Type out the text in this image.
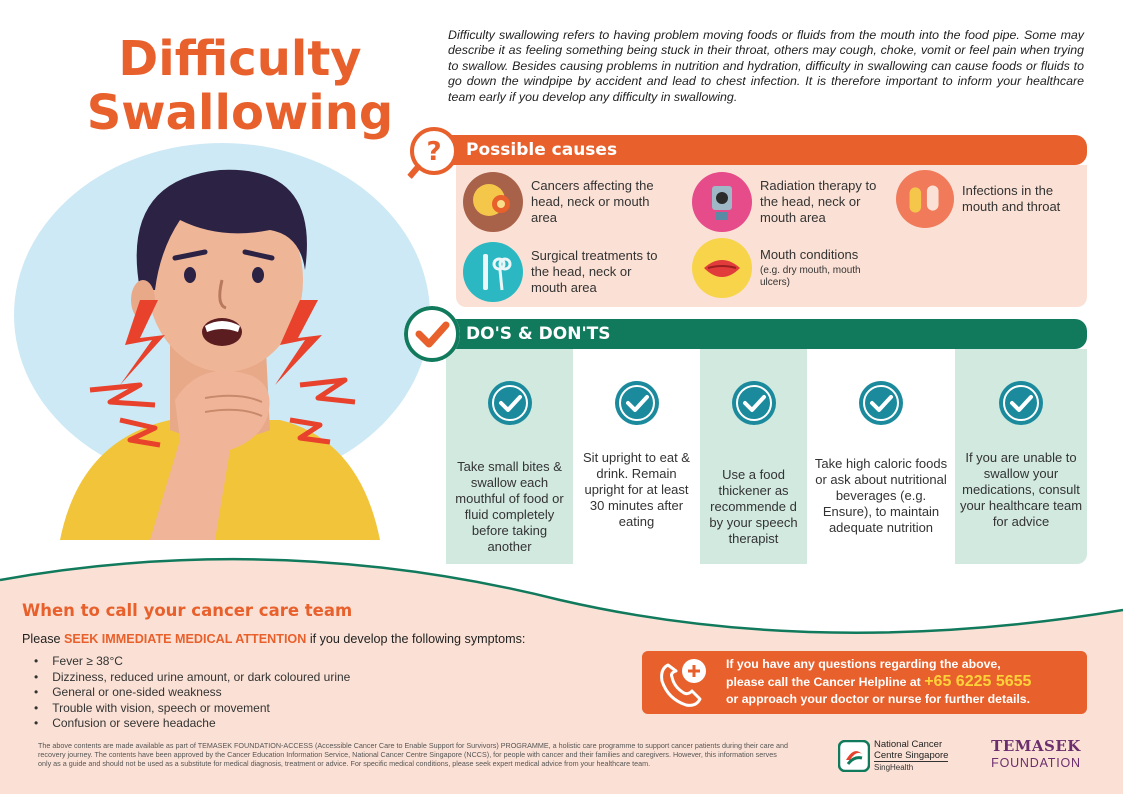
Difficulty
Swallowing
Difficulty swallowing refers to having problem moving foods or fluids from the mouth into the food pipe. Some may describe it as feeling something being stuck in their throat, others may cough, choke, vomit or feel pain when trying to swallow. Besides causing problems in nutrition and hydration, difficulty in swallowing can cause foods or fluids to go down the windpipe by accident and lead to chest infection. It is therefore important to inform your healthcare team early if you develop any difficulty in swallowing.
Possible causes
?
Cancers affecting the head, neck or mouth area
Radiation therapy to the head, neck or mouth area
Infections in the mouth and throat
Surgical treatments to the head, neck or mouth area
Mouth conditions
(e.g. dry mouth, mouth ulcers)
Take small bites & swallow each mouthful of food or fluid completely before taking another
Sit upright to eat & drink. Remain upright for at least 30 minutes after eating
Use a food thickener as recommende d by your speech therapist
Take high caloric foods or ask about nutritional beverages (e.g. Ensure), to maintain adequate nutrition
If you are unable to swallow your medications, consult your healthcare team for advice
DO'S & DON'TS
When to call your cancer care team
Please SEEK IMMEDIATE MEDICAL ATTENTION if you develop the following symptoms:
• Fever ≥ 38°C
• Dizziness, reduced urine amount, or dark coloured urine
• General or one-sided weakness
• Trouble with vision, speech or movement
• Confusion or severe headache
If you have any questions regarding the above,
please call the Cancer Helpline at +65 6225 5655
or approach your doctor or nurse for further details.
The above contents are made available as part of TEMASEK FOUNDATION-ACCESS (Accessible Cancer Care to Enable Support for Survivors) PROGRAMME, a holistic care programme to support cancer patients during their care and recovery journey. The contents have been approved by the Cancer Education Information Service, National Cancer Centre Singapore (NCCS), for people with cancer and their families and caregivers. However, this information serves only as a guide and should not be used as a substitute for medical diagnosis, treatment or advice. For specific medical conditions, please seek expert medical advice from your healthcare team.
National Cancer
Centre Singapore
SingHealth
TEMASEK
FOUNDATION
